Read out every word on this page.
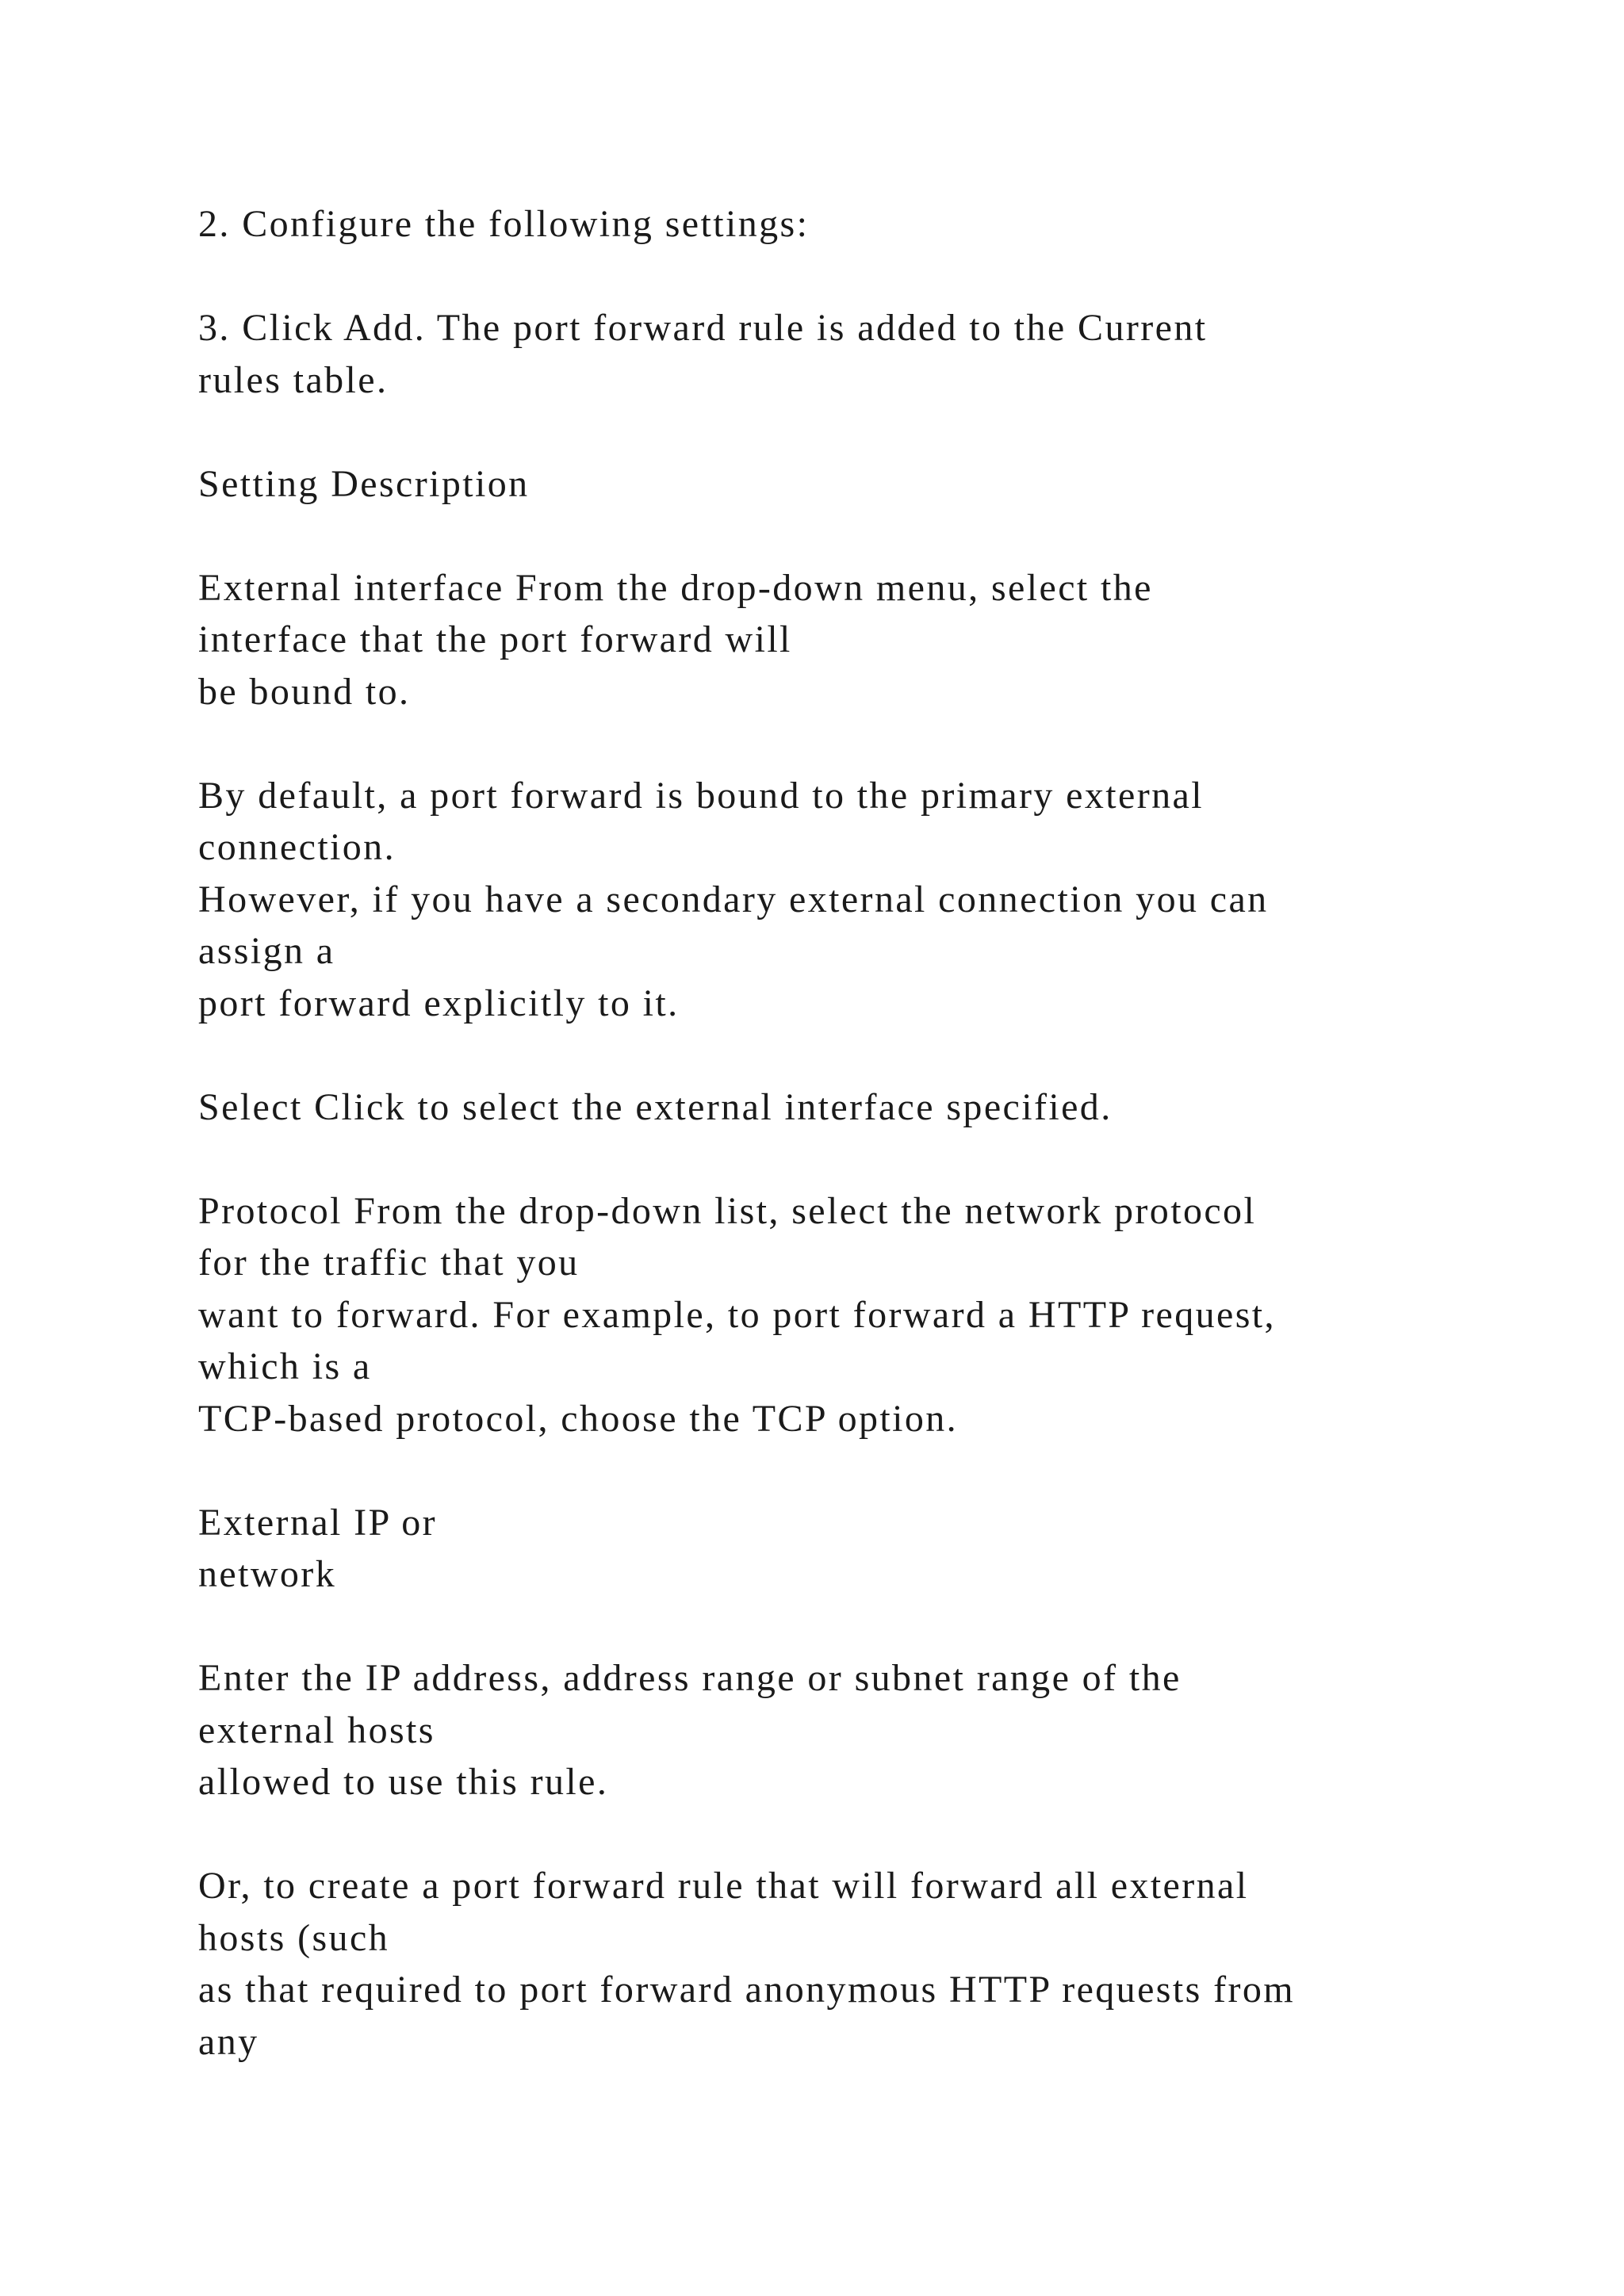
2. Configure the following settings:
3. Click Add. The port forward rule is added to the Current
rules table.
Setting Description
External interface From the drop-down menu, select the
interface that the port forward will
be bound to.
By default, a port forward is bound to the primary external
connection.
However, if you have a secondary external connection you can
assign a
port forward explicitly to it.
Select Click to select the external interface specified.
Protocol From the drop-down list, select the network protocol
for the traffic that you
want to forward. For example, to port forward a HTTP request,
which is a
TCP-based protocol, choose the TCP option.
External IP or
network
Enter the IP address, address range or subnet range of the
external hosts
allowed to use this rule.
Or, to create a port forward rule that will forward all external
hosts (such
as that required to port forward anonymous HTTP requests from
any
